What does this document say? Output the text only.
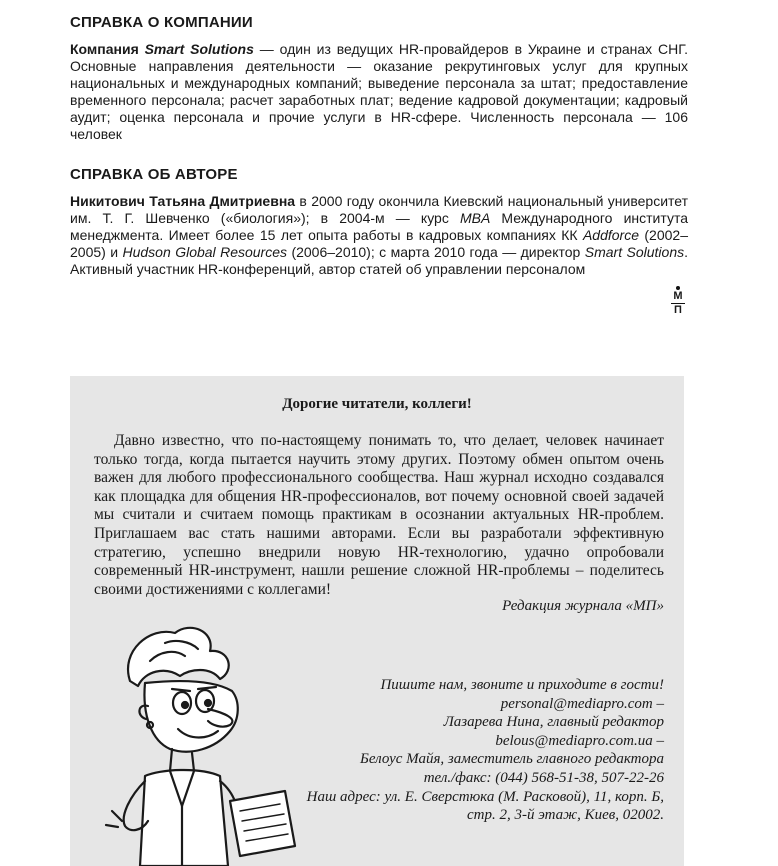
СПРАВКА О КОМПАНИИ

Компания Smart Solutions — один из ведущих HR-провайдеров в Украине и странах СНГ. Основные направления деятельности — оказание рекрутинговых услуг для крупных национальных и международных компаний; выведение персонала за штат; предоставление временного персонала; расчет заработных плат; ведение кадровой документации; кадровый аудит; оценка персонала и прочие услуги в HR-сфере. Численность персонала — 106 человек

СПРАВКА ОБ АВТОРЕ

Никитович Татьяна Дмитриевна в 2000 году окончила Киевский национальный университет им. Т. Г. Шевченко («биология»); в 2004-м — курс MBA Международного института менеджмента. Имеет более 15 лет опыта работы в кадровых компаниях КК Addforce (2002–2005) и Hudson Global Resources (2006–2010); с марта 2010 года — директор Smart Solutions. Активный участник HR-конференций, автор статей об управлении персоналом

М
П
Дорогие читатели, коллеги!

Давно известно, что по-настоящему понимать то, что делает, человек начинает только тогда, когда пытается научить этому других. Поэтому обмен опытом очень важен для любого профессионального сообщества. Наш журнал исходно создавался как площадка для общения HR-профессионалов, вот почему основной своей задачей мы считали и считаем помощь практикам в осознании актуальных HR-проблем. Приглашаем вас стать нашими авторами. Если вы разработали эффективную стратегию, успешно внедрили новую HR-технологию, удачно опробовали современный HR-инструмент, нашли решение сложной HR-проблемы – поделитесь своими достижениями с коллегами!

Редакция журнала «МП»
Пишите нам, звоните и приходите в гости!
personal@mediapro.com –
Лазарева Нина, главный редактор
belous@mediapro.com.ua –
Белоус Майя, заместитель главного редактора
тел./факс: (044) 568-51-38, 507-22-26
Наш адрес: ул. Е. Сверстюка (М. Расковой), 11, корп. Б,
стр. 2, 3-й этаж, Киев, 02002.
